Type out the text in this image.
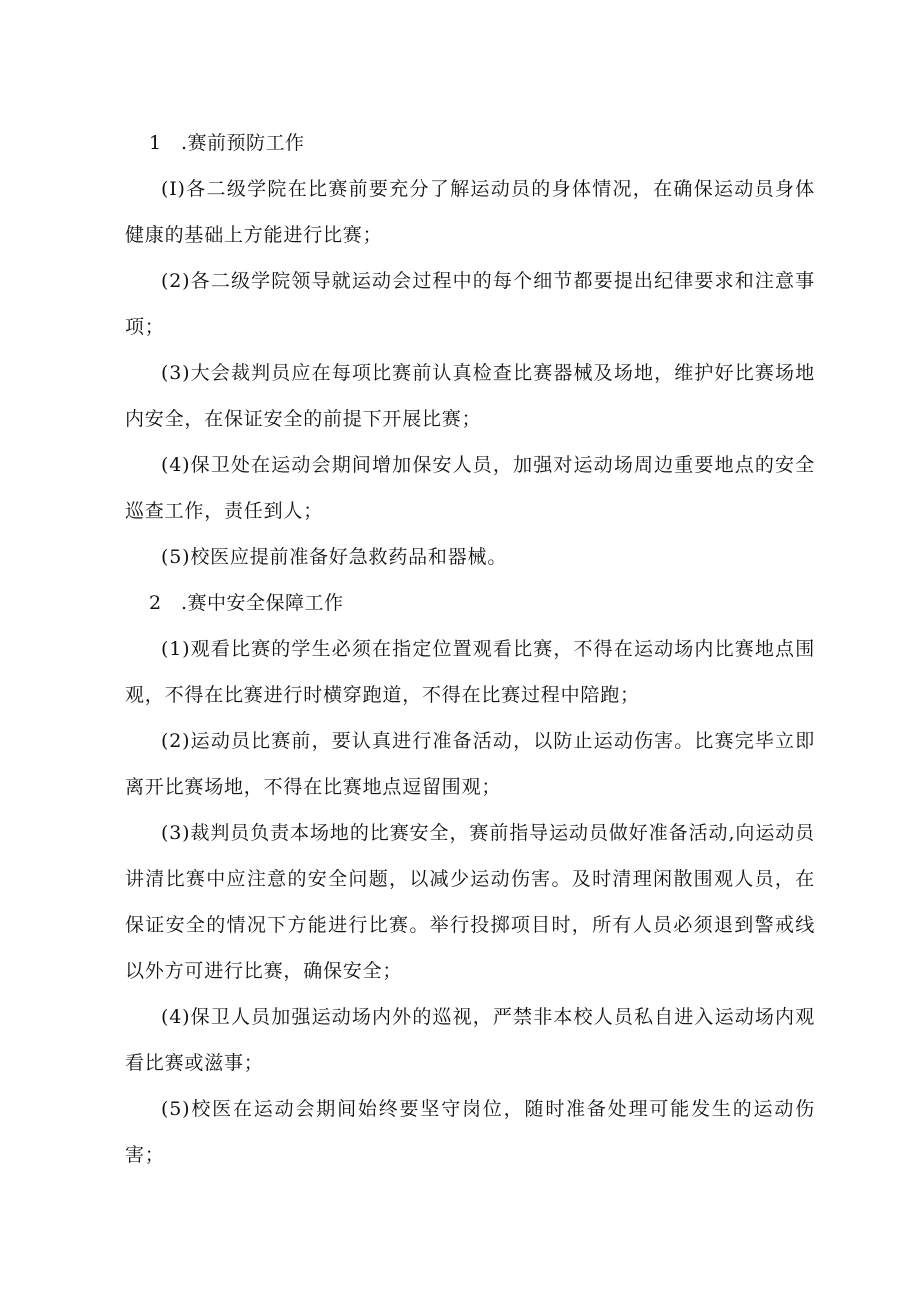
1 .赛前预防工作

(I)各二级学院在比赛前要充分了解运动员的身体情况，在确保运动员身体健康的基础上方能进行比赛；

(2)各二级学院领导就运动会过程中的每个细节都要提出纪律要求和注意事项；

(3)大会裁判员应在每项比赛前认真检查比赛器械及场地，维护好比赛场地内安全，在保证安全的前提下开展比赛；

(4)保卫处在运动会期间增加保安人员，加强对运动场周边重要地点的安全巡查工作，责任到人；

(5)校医应提前准备好急救药品和器械。

2 .赛中安全保障工作

(1)观看比赛的学生必须在指定位置观看比赛，不得在运动场内比赛地点围观，不得在比赛进行时横穿跑道，不得在比赛过程中陪跑；

(2)运动员比赛前，要认真进行准备活动，以防止运动伤害。比赛完毕立即离开比赛场地，不得在比赛地点逗留围观；

(3)裁判员负责本场地的比赛安全，赛前指导运动员做好准备活动,向运动员讲清比赛中应注意的安全问题，以减少运动伤害。及时清理闲散围观人员，在保证安全的情况下方能进行比赛。举行投掷项目时，所有人员必须退到警戒线以外方可进行比赛，确保安全；

(4)保卫人员加强运动场内外的巡视，严禁非本校人员私自进入运动场内观看比赛或滋事；

(5)校医在运动会期间始终要坚守岗位，随时准备处理可能发生的运动伤害；
